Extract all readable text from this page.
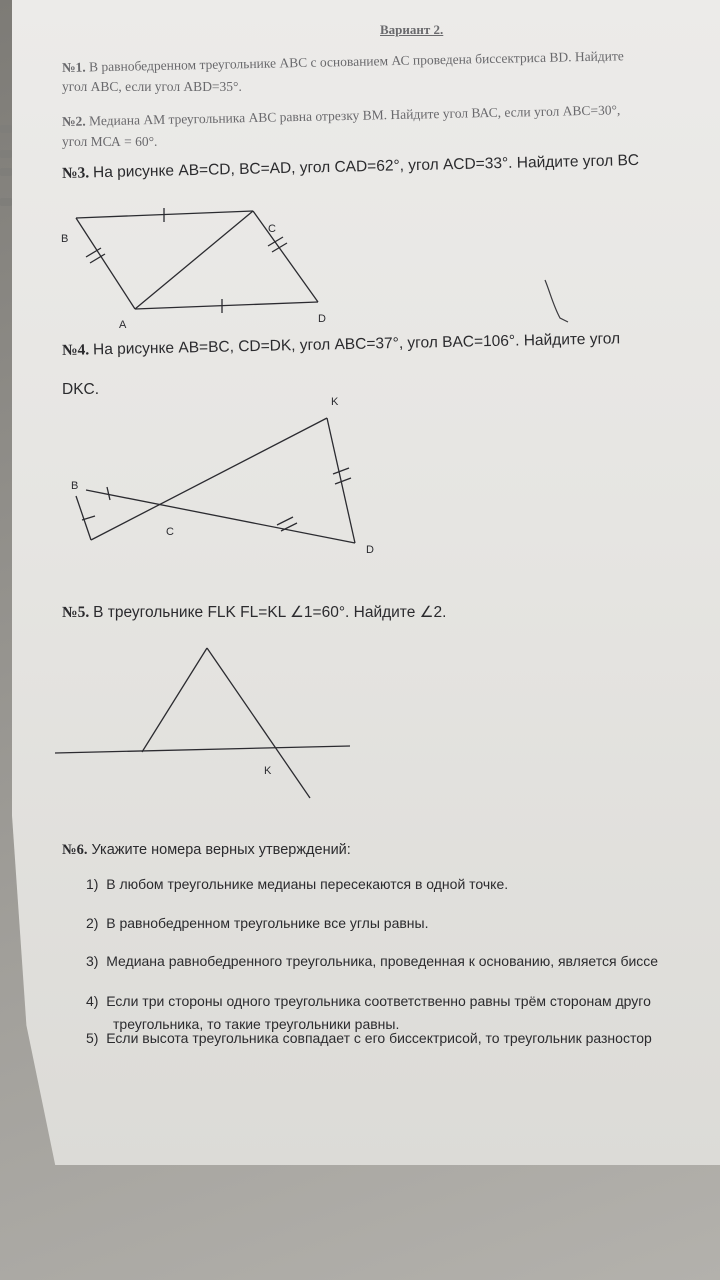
Вариант 2.
№1. В равнобедренном треугольнике АВС с основанием АС проведена биссектриса ВD. Найдите
угол АВС, если угол АВD=35°.
№2. Медиана АМ треугольника АВС равна отрезку ВМ. Найдите угол ВАС, если угол АВС=30°,
угол МСА = 60°.
№3. На рисунке AB=CD, BC=AD, угол CAD=62°, угол ACD=33°. Найдите угол BC
№4. На рисунке AB=BC, CD=DK, угол ABC=37°, угол BAC=106°. Найдите угол
DKC.
№5. В треугольнике FLK FL=KL ∠1=60°. Найдите ∠2.
№6. Укажите номера верных утверждений:
1) В любом треугольнике медианы пересекаются в одной точке.
2) В равнобедренном треугольнике все углы равны.
3) Медиана равнобедренного треугольника, проведенная к основанию, является биссе
4) Если три стороны одного треугольника соответственно равны трём сторонам друго
треугольника, то такие треугольники равны.
5) Если высота треугольника совпадает с его биссектрисой, то треугольник разностор
B
C
A	D
K
B
C
D
K
